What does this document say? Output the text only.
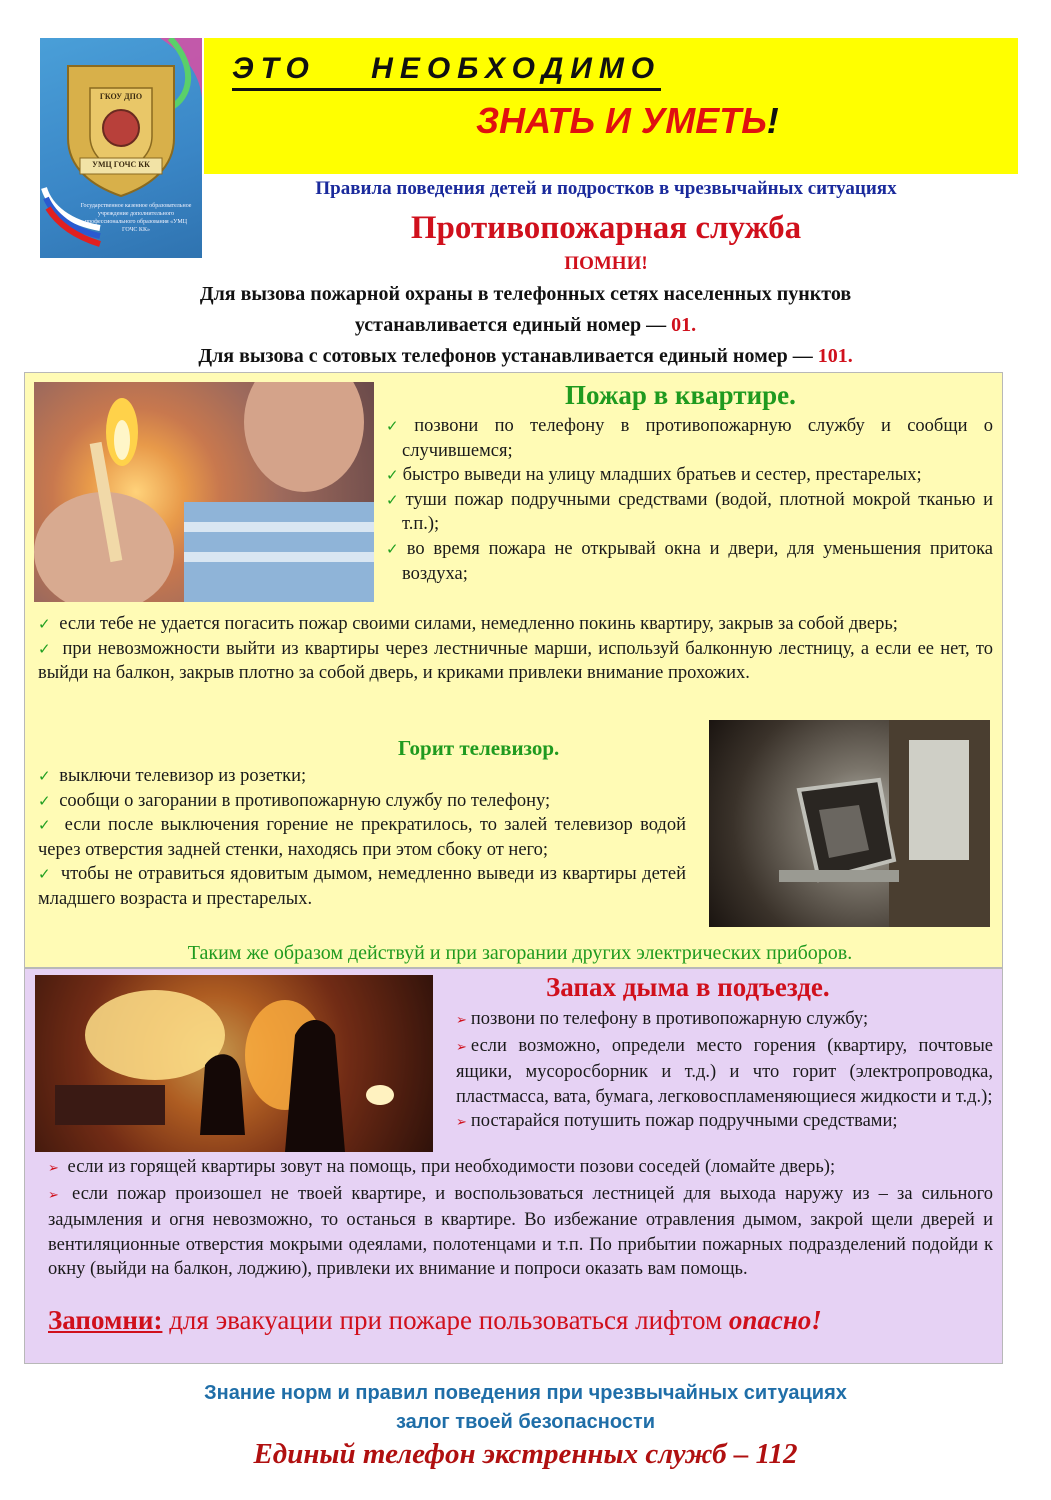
ГКОУ ДПО
УМЦ ГОЧС КК
Государственное казенное образовательное учреждение дополнительного профессионального образования «УМЦ ГОЧС КК»
ЭТО НЕОБХОДИМО
ЗНАТЬ И УМЕТЬ!
Правила поведения детей и подростков в чрезвычайных ситуациях
Противопожарная служба
ПОМНИ!
Для вызова пожарной охраны в телефонных сетях населенных пунктов
устанавливается единый номер — 01.
Для вызова с сотовых телефонов устанавливается единый номер — 101.
Пожар в квартире.
✓ позвони по телефону в противопожарную службу и сообщи о случившемся;
✓ быстро выведи на улицу младших братьев и сестер, престарелых;
✓ туши пожар подручными средствами (водой, плотной мокрой тканью и т.п.);
✓ во время пожара не открывай окна и двери, для уменьшения притока воздуха;
✓ если тебе не удается погасить пожар своими силами, немедленно покинь квартиру, закрыв за собой дверь;
✓ при невозможности выйти из квартиры через лестничные марши, используй балконную лестницу, а если ее нет, то выйди на балкон, закрыв плотно за собой дверь, и криками привлеки внимание прохожих.
Горит телевизор.
✓ выключи телевизор из розетки;
✓ сообщи о загорании в противопожарную службу по телефону;
✓ если после выключения горение не прекратилось, то залей телевизор водой через отверстия задней стенки, находясь при этом сбоку от него;
✓ чтобы не отравиться ядовитым дымом, немедленно выведи из квартиры детей младшего возраста и престарелых.
Таким же образом действуй и при загорании других электрических приборов.
Запах дыма в подъезде.
➢ позвони по телефону в противопожарную службу;
➢ если возможно, определи место горения (квартиру, почтовые ящики, мусоросборник и т.д.) и что горит (электропроводка, пластмасса, вата, бумага, легковоспламеняющиеся жидкости и т.д.);
➢ постарайся потушить пожар подручными средствами;
➢ если из горящей квартиры зовут на помощь, при необходимости позови соседей (ломайте дверь);
➢ если пожар произошел не твоей квартире, и воспользоваться лестницей для выхода наружу из – за сильного задымления и огня невозможно, то останься в квартире. Во избежание отравления дымом, закрой щели дверей и вентиляционные отверстия мокрыми одеялами, полотенцами и т.п. По прибытии пожарных подразделений подойди к окну (выйди на балкон, лоджию), привлеки их внимание и попроси оказать вам помощь.
Запомни: для эвакуации при пожаре пользоваться лифтом опасно!
Знание норм и правил поведения при чрезвычайных ситуациях
залог твоей безопасности
Единый телефон экстренных служб – 112
